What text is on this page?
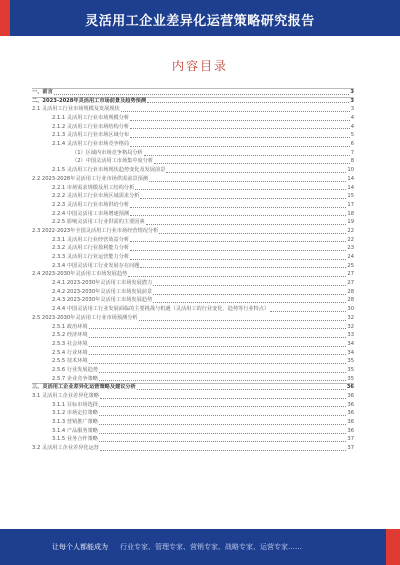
灵活用工企业差异化运营策略研究报告
内容目录
一、前言	3
二、2023-2028年灵活用工市场前景及趋势预测	3
2.1 灵活用工行业市场规模及发展现状	3
2.1.1 灵活用工行业市场规模分析	4
2.1.2 灵活用工行业市场结构分析	4
2.1.3 灵活用工行业市场区域分布	5
2.1.4 灵活用工行业市场竞争格局	6
（1）区域内市场竞争格局分析	7
（2）中国灵活用工市场集中度分析	8
2.1.5 灵活用工行业市场现状趋势变化及发展前景	10
2.2 2023-2028年灵活用工行业市场供需前景预测	14
2.2.1 市场需求规模及用工结构分析	14
2.2.2 灵活用工行业市场区域需求分析	15
2.2.3 灵活用工行业市场供给分析	17
2.2.4 中国灵活用工市场增速预测	18
2.2.5 影响灵活用工行业供需的主要因素	19
2.3 2022-2023年全国灵活用工行业市场经营情况分析	22
2.3.1 灵活用工行业经营效益分析	22
2.3.2 灵活用工行业盈利能力分析	23
2.3.3 灵活用工行业运营能力分析	24
2.3.4 中国灵活用工行业发展存在问题	25
2.4 2023-2030年灵活用工市场发展趋势	27
2.4.1 2023-2030年灵活用工市场发展潜力	27
2.4.2 2023-2030年灵活用工市场发展前景	28
2.4.3 2023-2030年灵活用工市场发展趋势	28
2.4.4 中国灵活用工行业发展面临的主要挑战与机遇（灵活用工的行业变化、趋势等行业特点）	30
2.5 2023-2030年灵活用工行业市场预测分析	32
2.5.1 政治环境	32
2.5.2 经济环境	33
2.5.3 社会环境	34
2.5.4 行业环境	34
2.5.5 技术环境	35
2.5.6 行业发展趋势	35
2.5.7 企业竞争策略	35
三、灵活用工企业差异化运营策略及建议分析	36
3.1 灵活用工企业差异化策略	36
3.1.1 目标市场选择	36
3.1.2 市场定位策略	36
3.1.3 营销推广策略	36
3.1.4 产品服务策略	36
3.1.5 业务合作策略	37
3.2 灵活用工企业差异化运营	37
让每个人都能成为 行业专家、管理专家、营销专家、战略专家、运营专家……
